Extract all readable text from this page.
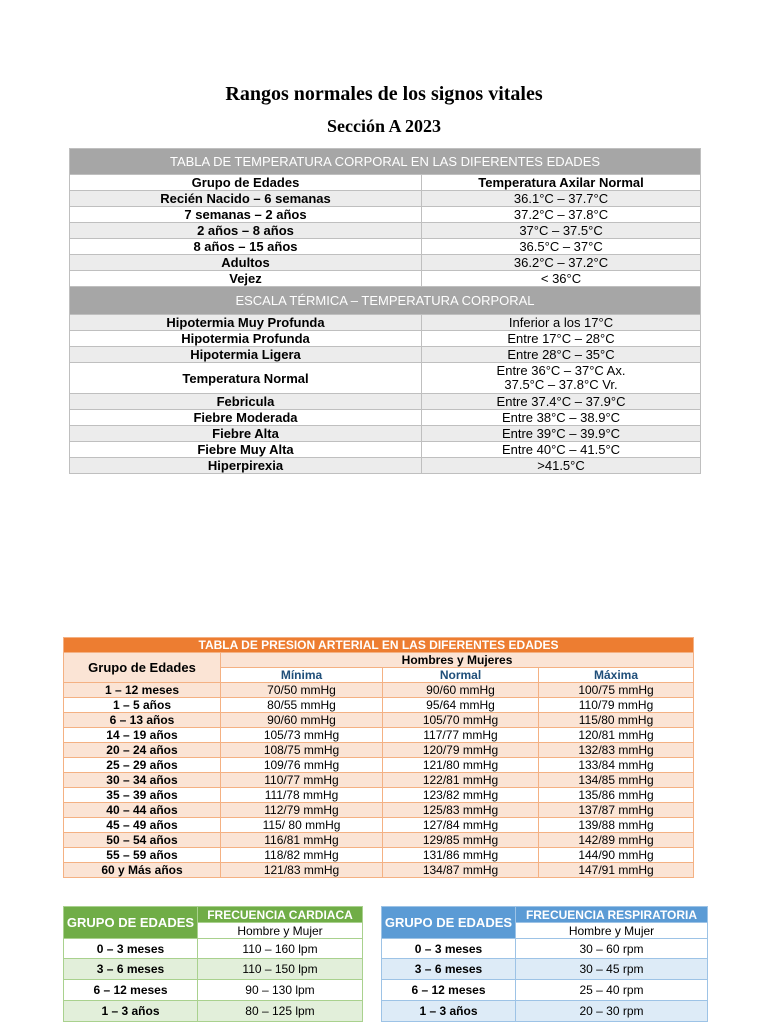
Rangos normales de los signos vitales
Sección A 2023
TABLA DE TEMPERATURA CORPORAL EN LAS DIFERENTES EDADES	
Grupo de Edades	Temperatura Axilar Normal
Recién Nacido – 6 semanas	36.1°C – 37.7°C
7 semanas – 2 años	37.2°C – 37.8°C
2 años – 8 años	37°C – 37.5°C
8 años – 15 años	36.5°C – 37°C
Adultos	36.2°C – 37.2°C
Vejez	< 36°C
ESCALA TÉRMICA – TEMPERATURA CORPORAL	
Hipotermia Muy Profunda	Inferior a los 17°C
Hipotermia Profunda	Entre 17°C – 28°C
Hipotermia Ligera	Entre 28°C – 35°C
Temperatura Normal	Entre 36°C – 37°C Ax.
37.5°C – 37.8°C Vr.

Febricula	Entre 37.4°C – 37.9°C
Fiebre Moderada	Entre 38°C – 38.9°C
Fiebre Alta	Entre 39°C – 39.9°C
Fiebre Muy Alta	Entre 40°C – 41.5°C
Hiperpirexia	>41.5°C
TABLA DE PRESION ARTERIAL EN LAS DIFERENTES EDADES			
Grupo de Edades	Hombres y Mujeres		
	Mínima	Normal	Máxima
1 – 12 meses	70/50 mmHg	90/60 mmHg	100/75 mmHg
1 – 5 años	80/55 mmHg	95/64 mmHg	110/79 mmHg
6 – 13 años	90/60 mmHg	105/70 mmHg	115/80 mmHg
14 – 19 años	105/73 mmHg	117/77 mmHg	120/81 mmHg
20 – 24 años	108/75 mmHg	120/79 mmHg	132/83 mmHg
25 – 29 años	109/76 mmHg	121/80 mmHg	133/84 mmHg
30 – 34 años	110/77 mmHg	122/81 mmHg	134/85 mmHg
35 – 39 años	111/78 mmHg	123/82 mmHg	135/86 mmHg
40 – 44 años	112/79 mmHg	125/83 mmHg	137/87 mmHg
45 – 49 años	115/ 80 mmHg	127/84 mmHg	139/88 mmHg
50 – 54 años	116/81 mmHg	129/85 mmHg	142/89 mmHg
55 – 59 años	118/82 mmHg	131/86 mmHg	144/90 mmHg
60 y Más años	121/83 mmHg	134/87 mmHg	147/91 mmHg
GRUPO DE EDADES	FRECUENCIA CARDIACA
	Hombre y Mujer
0 – 3 meses	110 – 160 lpm
3 – 6 meses	110 – 150 lpm
6 – 12 meses	90 – 130 lpm
1 – 3 años	80 – 125 lpm
GRUPO DE EDADES	FRECUENCIA RESPIRATORIA
	Hombre y Mujer
0 – 3 meses	30 – 60 rpm
3 – 6 meses	30 – 45 rpm
6 – 12 meses	25 – 40 rpm
1 – 3 años	20 – 30 rpm
